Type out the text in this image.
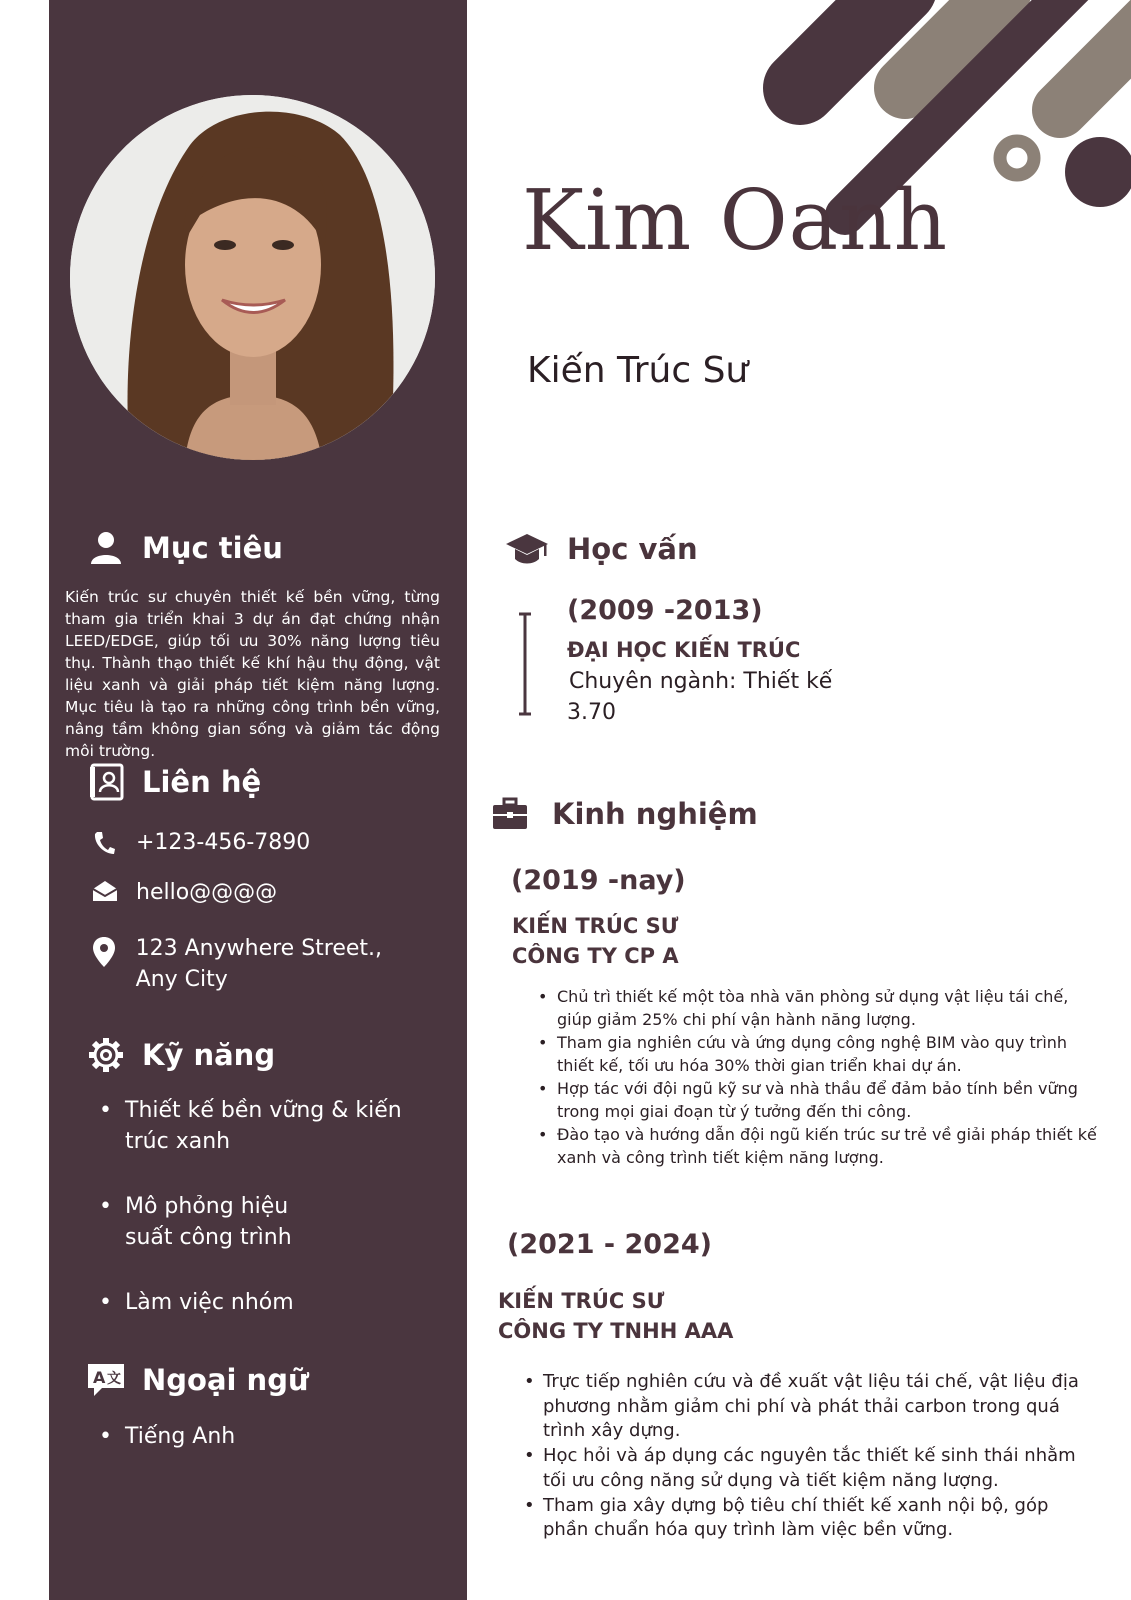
Mục tiêu
Kiến trúc sư chuyên thiết kế bền vững, từng tham gia triển khai 3 dự án đạt chứng nhận LEED/EDGE, giúp tối ưu 30% năng lượng tiêu thụ. Thành thạo thiết kế khí hậu thụ động, vật liệu xanh và giải pháp tiết kiệm năng lượng. Mục tiêu là tạo ra những công trình bền vững, nâng tầm không gian sống và giảm tác động môi trường.
Liên hệ
+123-456-7890
hello@@@@
123 Anywhere Street., Any City
Kỹ năng
• Thiết kế bền vững & kiến trúc xanh
• Mô phỏng hiệu suất công trình
• Làm việc nhóm
A 文 Ngoại ngữ
• Tiếng Anh
Kim Oanh
Kiến Trúc Sư
Học vấn
(2009 -2013)
ĐẠI HỌC KIẾN TRÚC
Chuyên ngành: Thiết kế
3.70
Kinh nghiệm
(2019 -nay)
KIẾN TRÚC SƯ
CÔNG TY CP A
• Chủ trì thiết kế một tòa nhà văn phòng sử dụng vật liệu tái chế, giúp giảm 25% chi phí vận hành năng lượng.
• Tham gia nghiên cứu và ứng dụng công nghệ BIM vào quy trình thiết kế, tối ưu hóa 30% thời gian triển khai dự án.
• Hợp tác với đội ngũ kỹ sư và nhà thầu để đảm bảo tính bền vững trong mọi giai đoạn từ ý tưởng đến thi công.
• Đào tạo và hướng dẫn đội ngũ kiến trúc sư trẻ về giải pháp thiết kế xanh và công trình tiết kiệm năng lượng.
(2021 - 2024)
KIẾN TRÚC SƯ
CÔNG TY TNHH AAA
• Trực tiếp nghiên cứu và đề xuất vật liệu tái chế, vật liệu địa phương nhằm giảm chi phí và phát thải carbon trong quá trình xây dựng.
• Học hỏi và áp dụng các nguyên tắc thiết kế sinh thái nhằm tối ưu công năng sử dụng và tiết kiệm năng lượng.
• Tham gia xây dựng bộ tiêu chí thiết kế xanh nội bộ, góp phần chuẩn hóa quy trình làm việc bền vững.
